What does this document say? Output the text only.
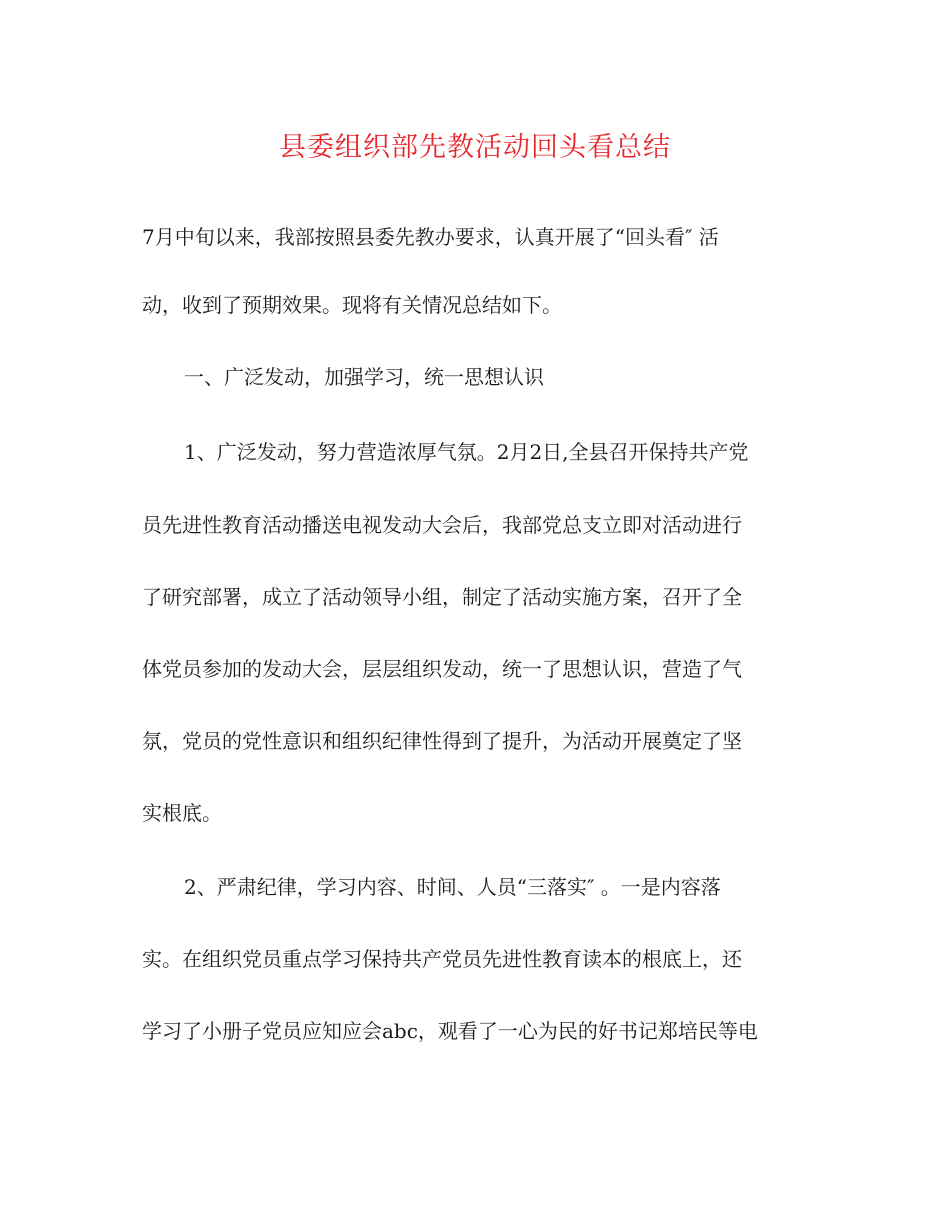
县委组织部先教活动回头看总结

7月中旬以来，我部按照县委先教办要求，认真开展了“回头看″ 活

动，收到了预期效果。现将有关情况总结如下。

一、广泛发动，加强学习，统一思想认识

1、广泛发动，努力营造浓厚气氛。2月2日,全县召开保持共产党

员先进性教育活动播送电视发动大会后，我部党总支立即对活动进行

了研究部署，成立了活动领导小组，制定了活动实施方案，召开了全

体党员参加的发动大会，层层组织发动，统一了思想认识，营造了气

氛，党员的党性意识和组织纪律性得到了提升，为活动开展奠定了坚

实根底。

2、严肃纪律，学习内容、时间、人员“三落实″ 。一是内容落

实。在组织党员重点学习保持共产党员先进性教育读本的根底上，还

学习了小册子党员应知应会abc，观看了一心为民的好书记郑培民等电
